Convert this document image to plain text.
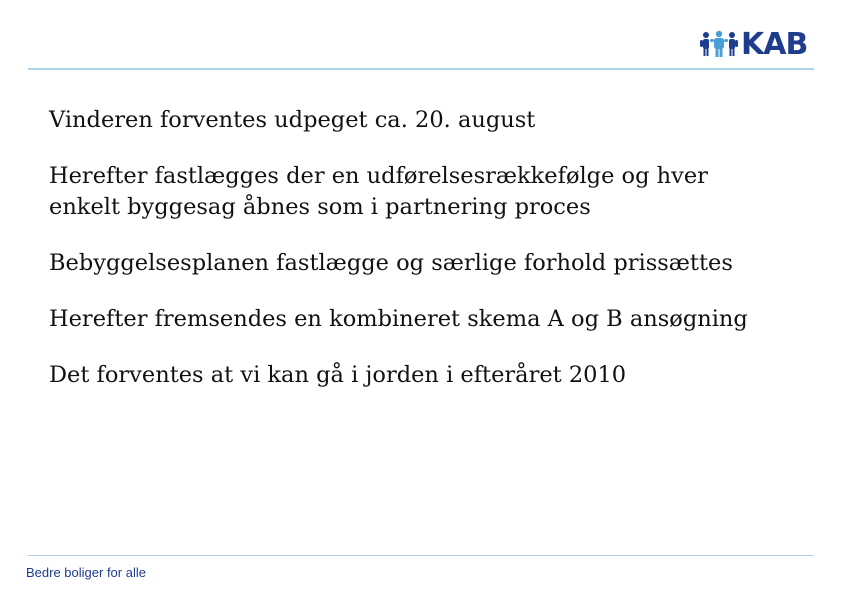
KAB

Vinderen forventes udpeget ca. 20. august

Herefter fastlægges der en udførelsesrækkefølge og hver
enkelt byggesag åbnes som i partnering proces

Bebyggelsesplanen fastlægge og særlige forhold prissættes

Herefter fremsendes en kombineret skema A og B ansøgning

Det forventes at vi kan gå i jorden i efteråret 2010

Bedre boliger for alle
